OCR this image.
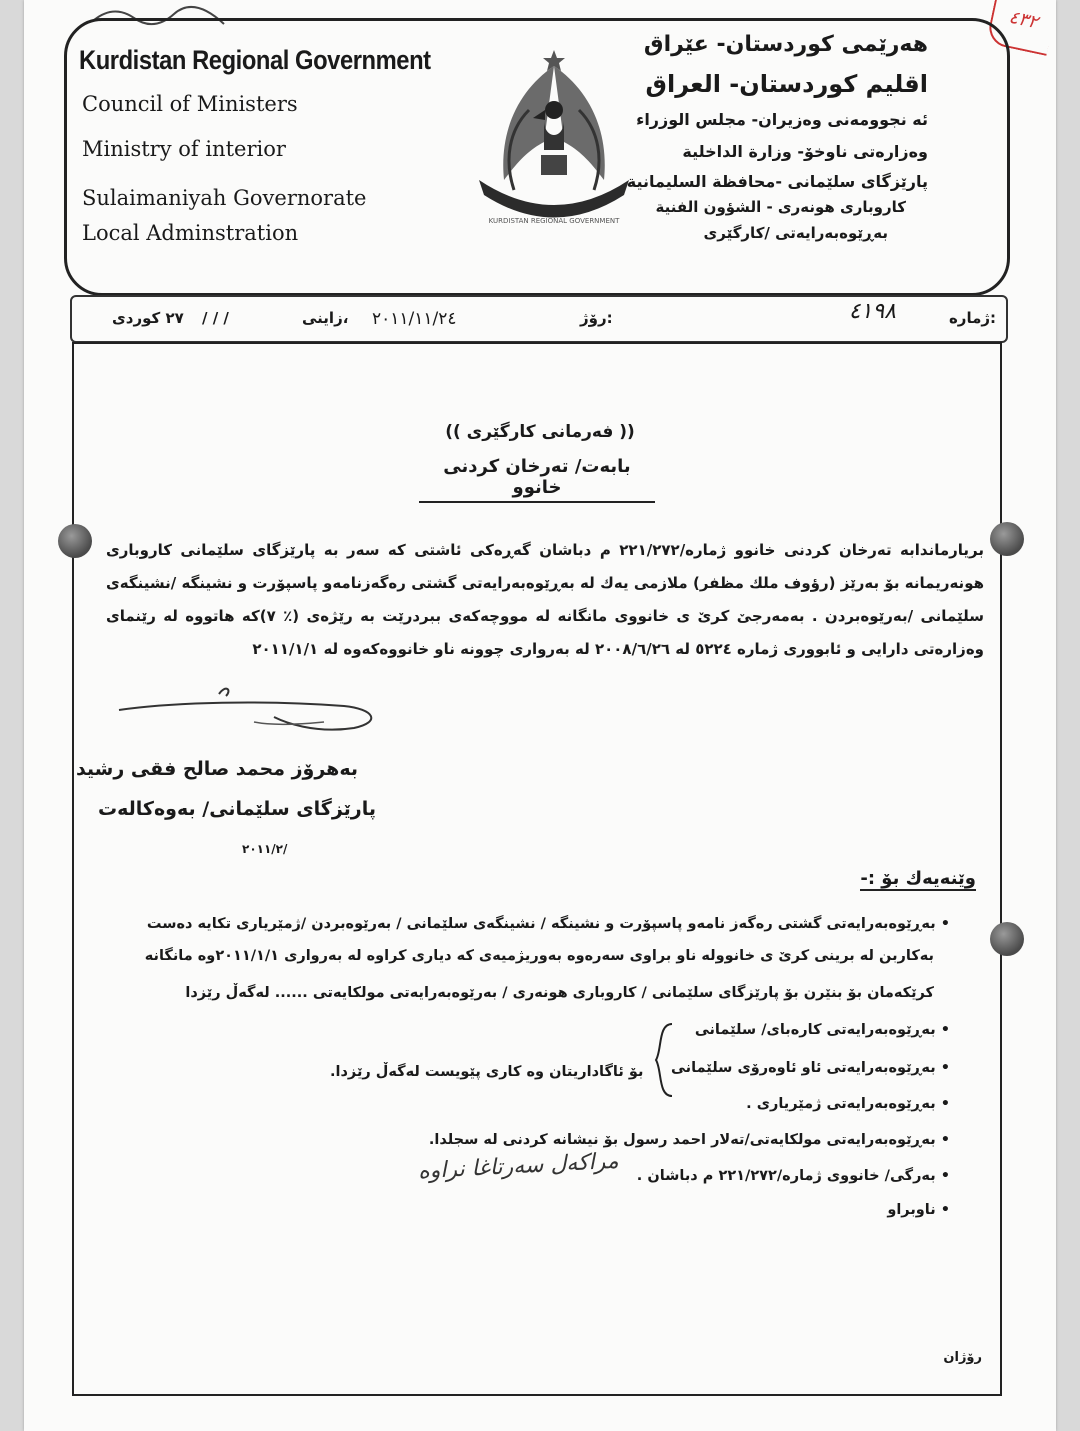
٤٣٢
Kurdistan Regional Government
Council of Ministers
Ministry of interior
Sulaimaniyah Governorate
Local Adminstration	KURDISTAN REGIONAL GOVERNMENT
هەرێمی کوردستان- عێراق
اقلیم کوردستان- العراق
ئه نجوومەنی وەزیران- مجلس الوزراء
وەزارەتی ناوخۆ- وزارة الداخلیة
پارێزگای سلێمانی -محافظة السلیمانیة
کاروباری هونەری - الشؤون الفنیة
بەڕێوەبەرایەتی /کارگێری
ژمارە:
٤١٩٨
رۆژ:
٢٠١١/١١/٢٤
زاینی،
/ / /
٢٧ کوردی
(( فەرمانی کارگێری ))
بابەت/ تەرخان کردنی خانوو
بریارماندابه تەرخان کردنی خانوو ژمارە/٢٢١/٢٧٢ م دباشان گەڕەکی ئاشتی کە سەر بە پارێزگای سلێمانی کاروباری هونەریمانە بۆ بەرێز (رؤوف ملك مظفر) ملازمی یەك لە بەڕێوەبەرایەتی گشتی رەگەزنامەو پاسپۆرت و نشینگە /نشینگەی سلێمانی /بەرێوەبردن . بەمەرجێ کرێ ی خانووی مانگانە لە مووچەکەی ببردرێت بە رێژەی (٪ ٧)کە هاتووە لە رێنمای وەزارەتی دارایی و ئابووری ژمارە ٥٢٢٤ لە ٢٠٠٨/٦/٢٦ لە بەرواری چوونە ناو خانووەکەوە لە ٢٠١١/١/١
بەهرۆز محمد صالح فقی رشید
پارێزگای سلێمانی/ بەوەکالەت
٢٠١١/٢/
وێنەیەك بۆ :-
• بەڕێوەبەرایەتی گشتی رەگەز نامەو پاسپۆرت و نشینگە / نشینگەی سلێمانی / بەرێوەبردن /ژمێریاری تکایە دەست
بەکاربن لە برینی کرێ ی خانووله ناو براوی سەرەوە بەوریژمیەی کە دیاری کراوە لە بەرواری ٢٠١١/١/١وە مانگانە
کرێکەمان بۆ بنێرن بۆ پارێزگای سلێمانی / کاروباری هونەری / بەرێوەبەرایەتی مولکایەتی ...... لەگەڵ رێزدا
• بەڕێوەبەرایەتی کارەبای/ سلێمانی
• بەڕێوەبەرایەتی ئاو ئاوەرۆی سلێمانی
• بەڕێوەبەرایەتی ژمێریاری .
• بەڕێوەبەرایەتی مولکایەتی/تەلار احمد رسول بۆ نیشانە کردنی لە سجلدا.
• بەرگی/ خانووی ژمارە/٢٢١/٢٧٢ م دباشان .
• ناوبراو
بۆ ئاگاداریتان وە کاری پێویست لەگەڵ رێزدا.
مراكەل سەرتاغا نراوە
رۆژان
